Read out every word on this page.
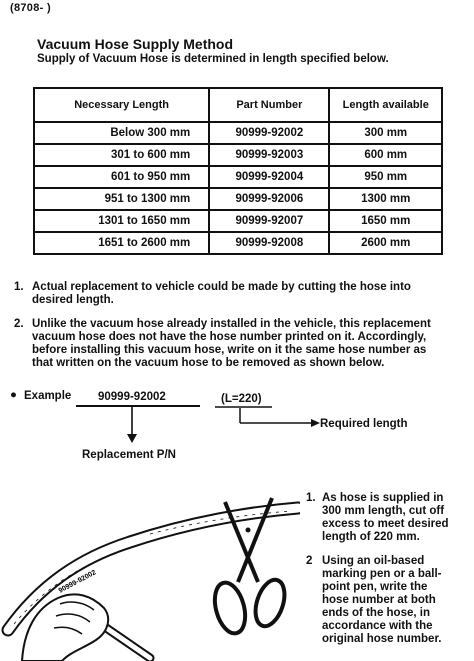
(8708- )
Vacuum Hose Supply Method
Supply of Vacuum Hose is determined in length specified below.
Necessary Length	Part Number	Length available
Below 300 mm	90999-92002	300 mm
301 to 600 mm	90999-92003	600 mm
601 to 950 mm	90999-92004	950 mm
951 to 1300 mm	90999-92006	1300 mm
1301 to 1650 mm	90999-92007	1650 mm
1651 to 2600 mm	90999-92008	2600 mm
1. Actual replacement to vehicle could be made by cutting the hose into
desired length.
2. Unlike the vacuum hose already installed in the vehicle, this replacement
vacuum hose does not have the hose number printed on it. Accordingly,
before installing this vacuum hose, write on it the same hose number as
that written on the vacuum hose to be removed as shown below.
● Example 90999-92002	(L=220)
Required length
Replacement P/N
90999-92002
1. As hose is supplied in
300 mm length, cut off
excess to meet desired
length of 220 mm.
2 Using an oil-based
marking pen or a ball-
point pen, write the
hose number at both
ends of the hose, in
accordance with the
original hose number.
